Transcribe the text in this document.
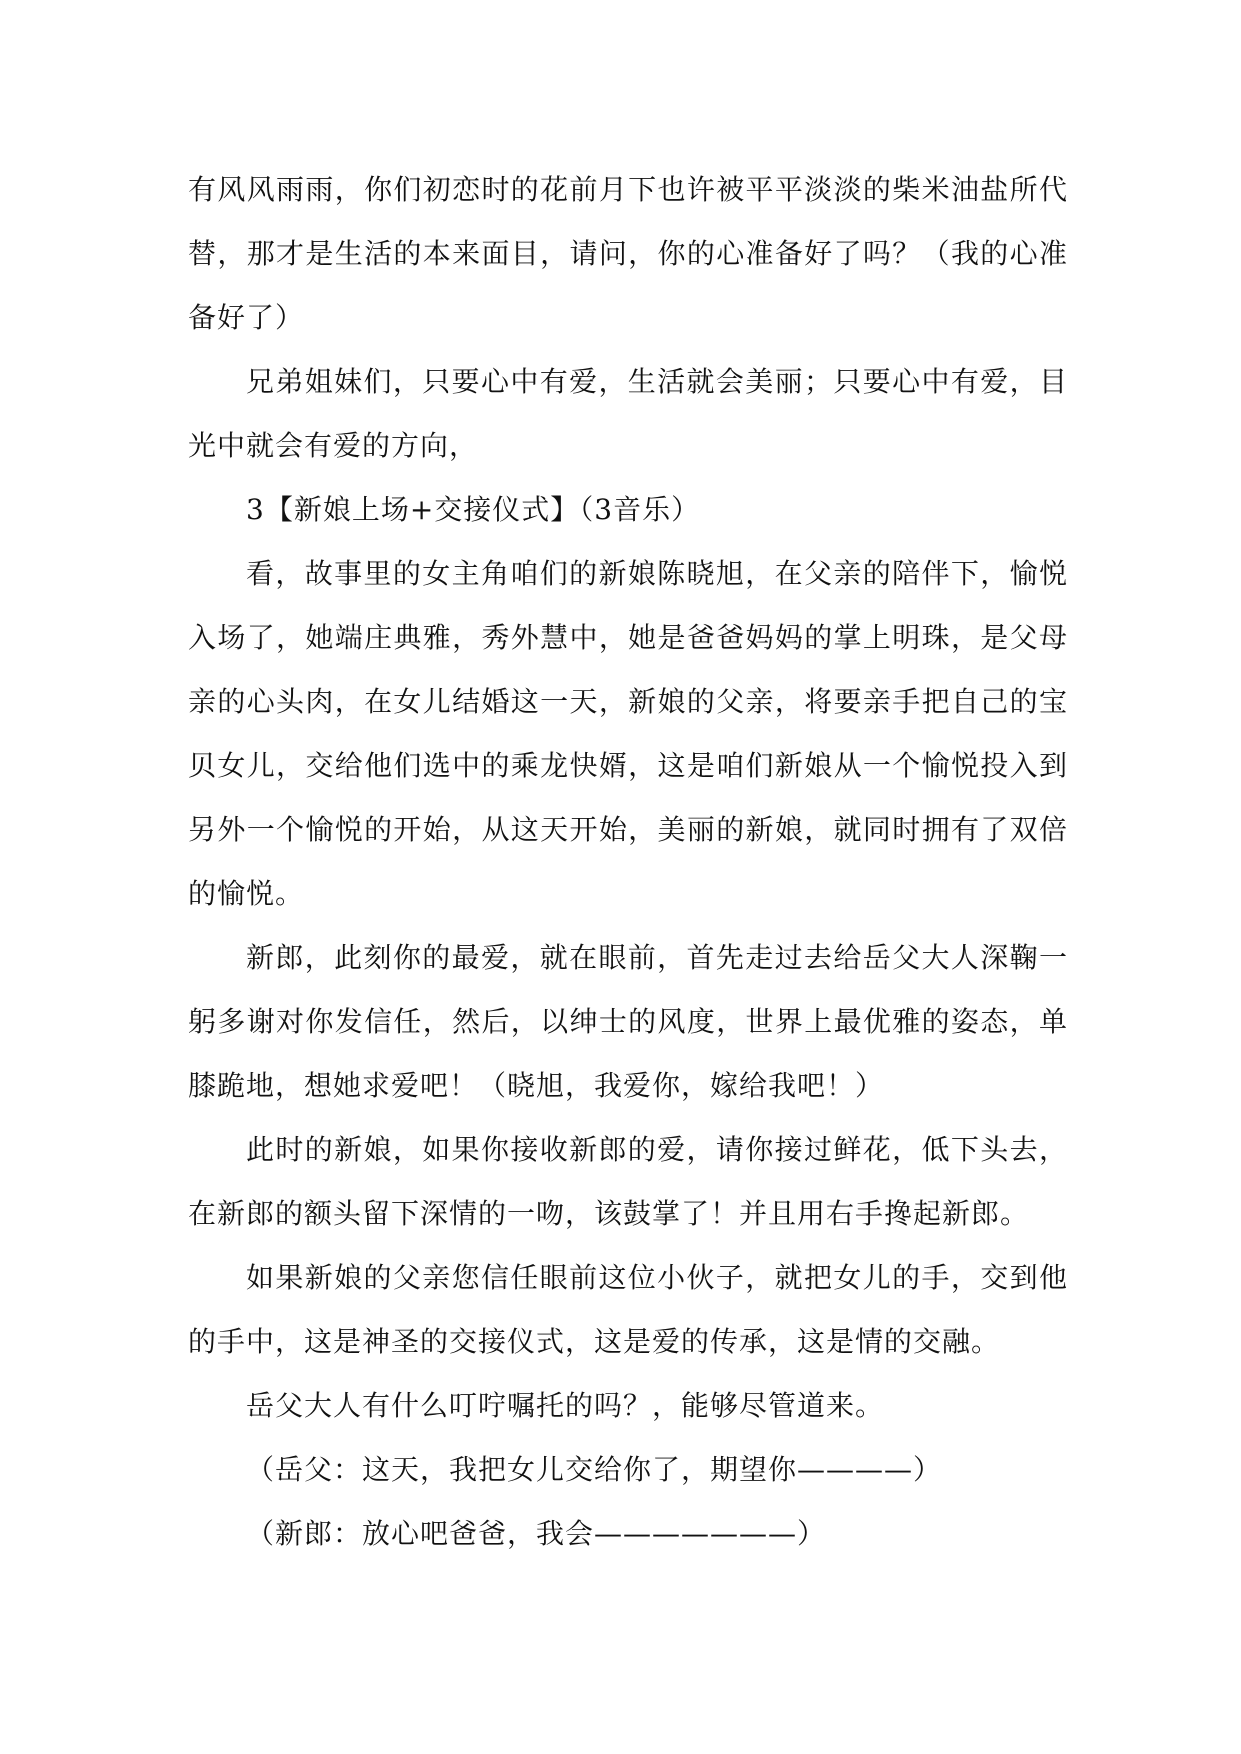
有风风雨雨，你们初恋时的花前月下也许被平平淡淡的柴米油盐所代替，那才是生活的本来面目，请问，你的心准备好了吗？（我的心准备好了）

兄弟姐妹们，只要心中有爱，生活就会美丽；只要心中有爱，目光中就会有爱的方向，

3【新娘上场+交接仪式】（3音乐）

看，故事里的女主角咱们的新娘陈晓旭，在父亲的陪伴下，愉悦入场了，她端庄典雅，秀外慧中，她是爸爸妈妈的掌上明珠，是父母亲的心头肉，在女儿结婚这一天，新娘的父亲，将要亲手把自己的宝贝女儿，交给他们选中的乘龙快婿，这是咱们新娘从一个愉悦投入到另外一个愉悦的开始，从这天开始，美丽的新娘，就同时拥有了双倍的愉悦。

新郎，此刻你的最爱，就在眼前，首先走过去给岳父大人深鞠一躬多谢对你发信任，然后，以绅士的风度，世界上最优雅的姿态，单膝跪地，想她求爱吧！（晓旭，我爱你，嫁给我吧！）

此时的新娘，如果你接收新郎的爱，请你接过鲜花，低下头去，在新郎的额头留下深情的一吻，该鼓掌了！并且用右手搀起新郎。

如果新娘的父亲您信任眼前这位小伙子，就把女儿的手，交到他的手中，这是神圣的交接仪式，这是爱的传承，这是情的交融。

岳父大人有什么叮咛嘱托的吗？，能够尽管道来。

（岳父：这天，我把女儿交给你了，期望你————）

（新郎：放心吧爸爸，我会———————）
